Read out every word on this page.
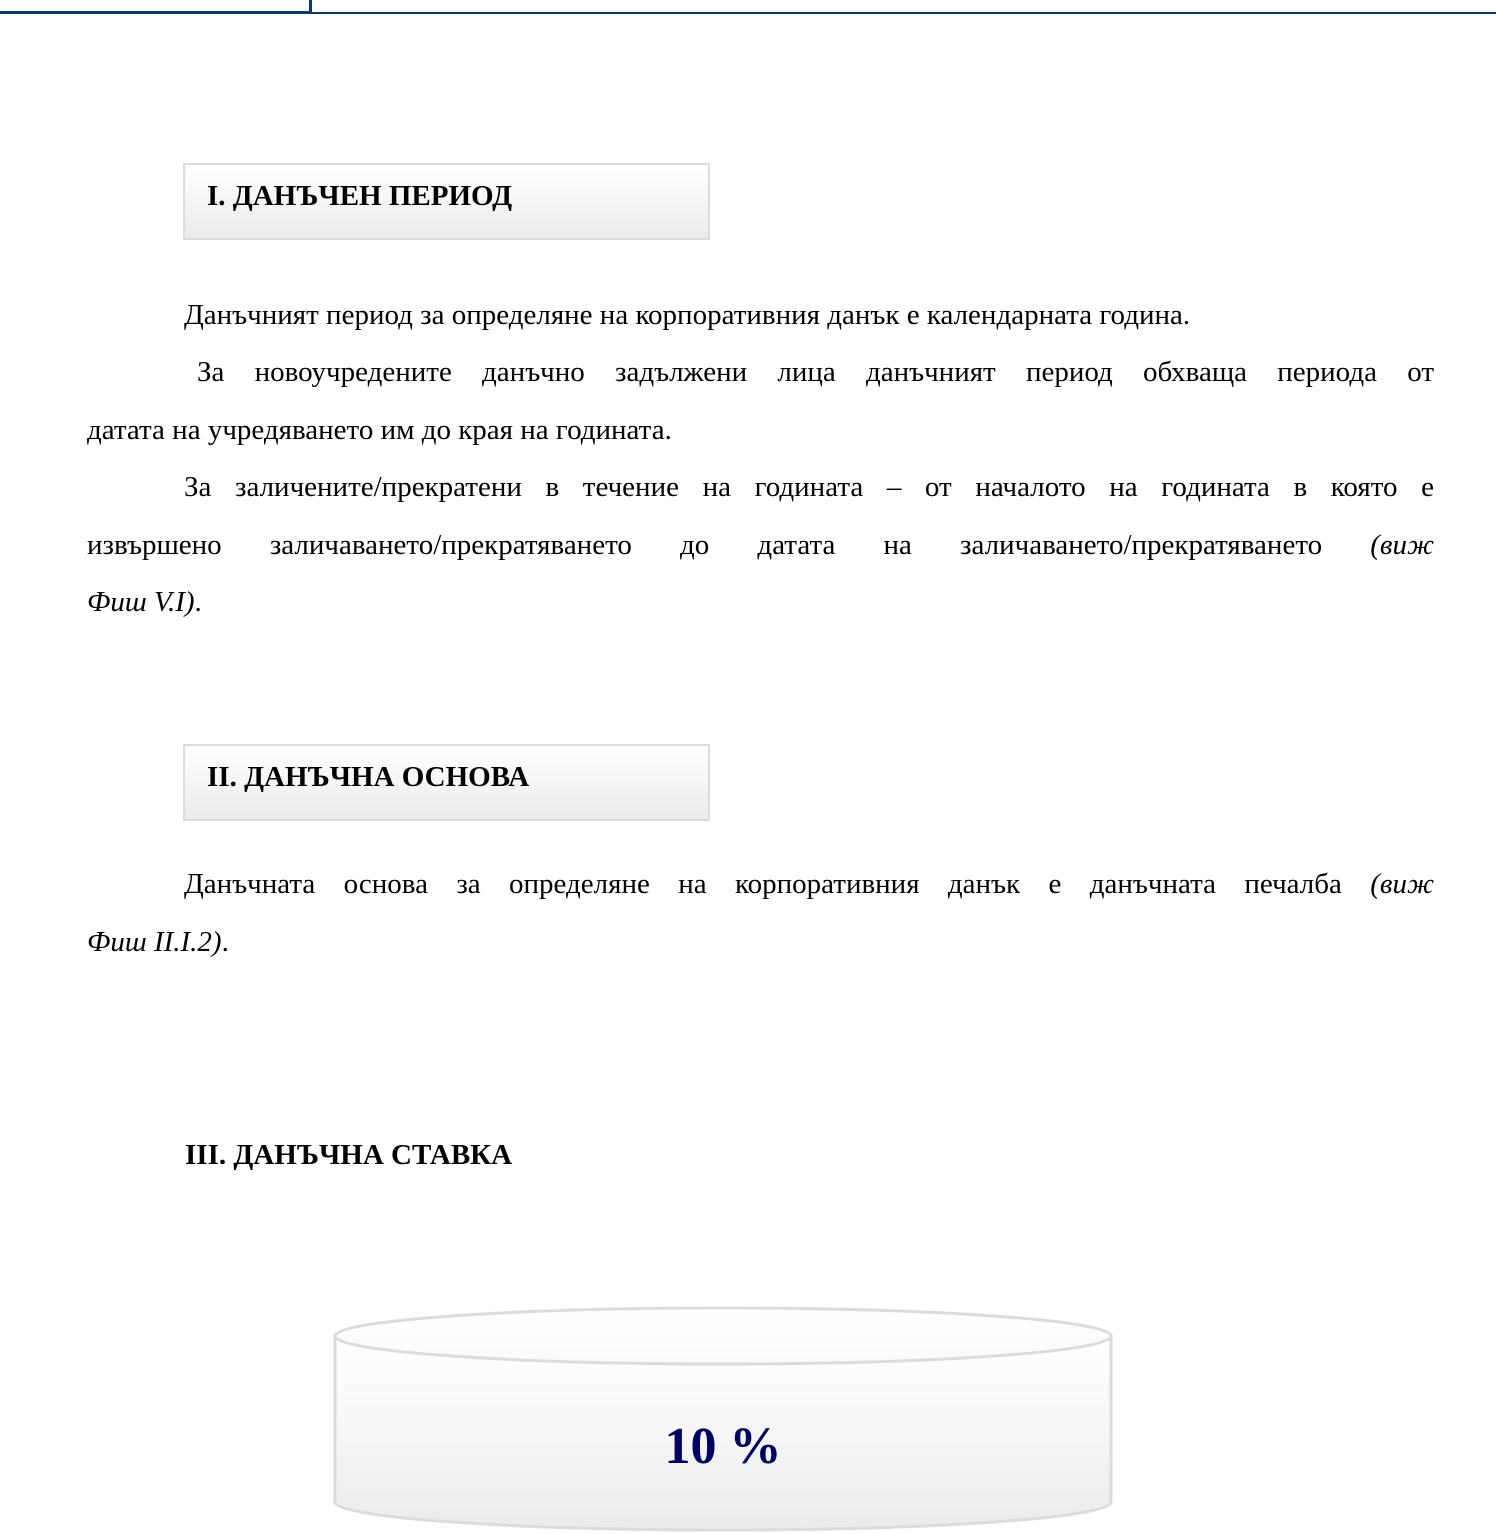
I. ДАНЪЧЕН ПЕРИОД
Данъчният период за определяне на корпоративния данък е календарната година.
За новоучредените данъчно задължени лица данъчният период обхваща периода от
датата на учредяването им до края на годината.
За заличените/прекратени в течение на годината – от началото на годината в която е
извършено заличаването/прекратяването до датата на заличаването/прекратяването (виж
Фиш V.I).
II. ДАНЪЧНА ОСНОВА
Данъчната основа за определяне на корпоративния данък е данъчната печалба (виж
Фиш II.I.2).
III. ДАНЪЧНА СТАВКА
10 %
